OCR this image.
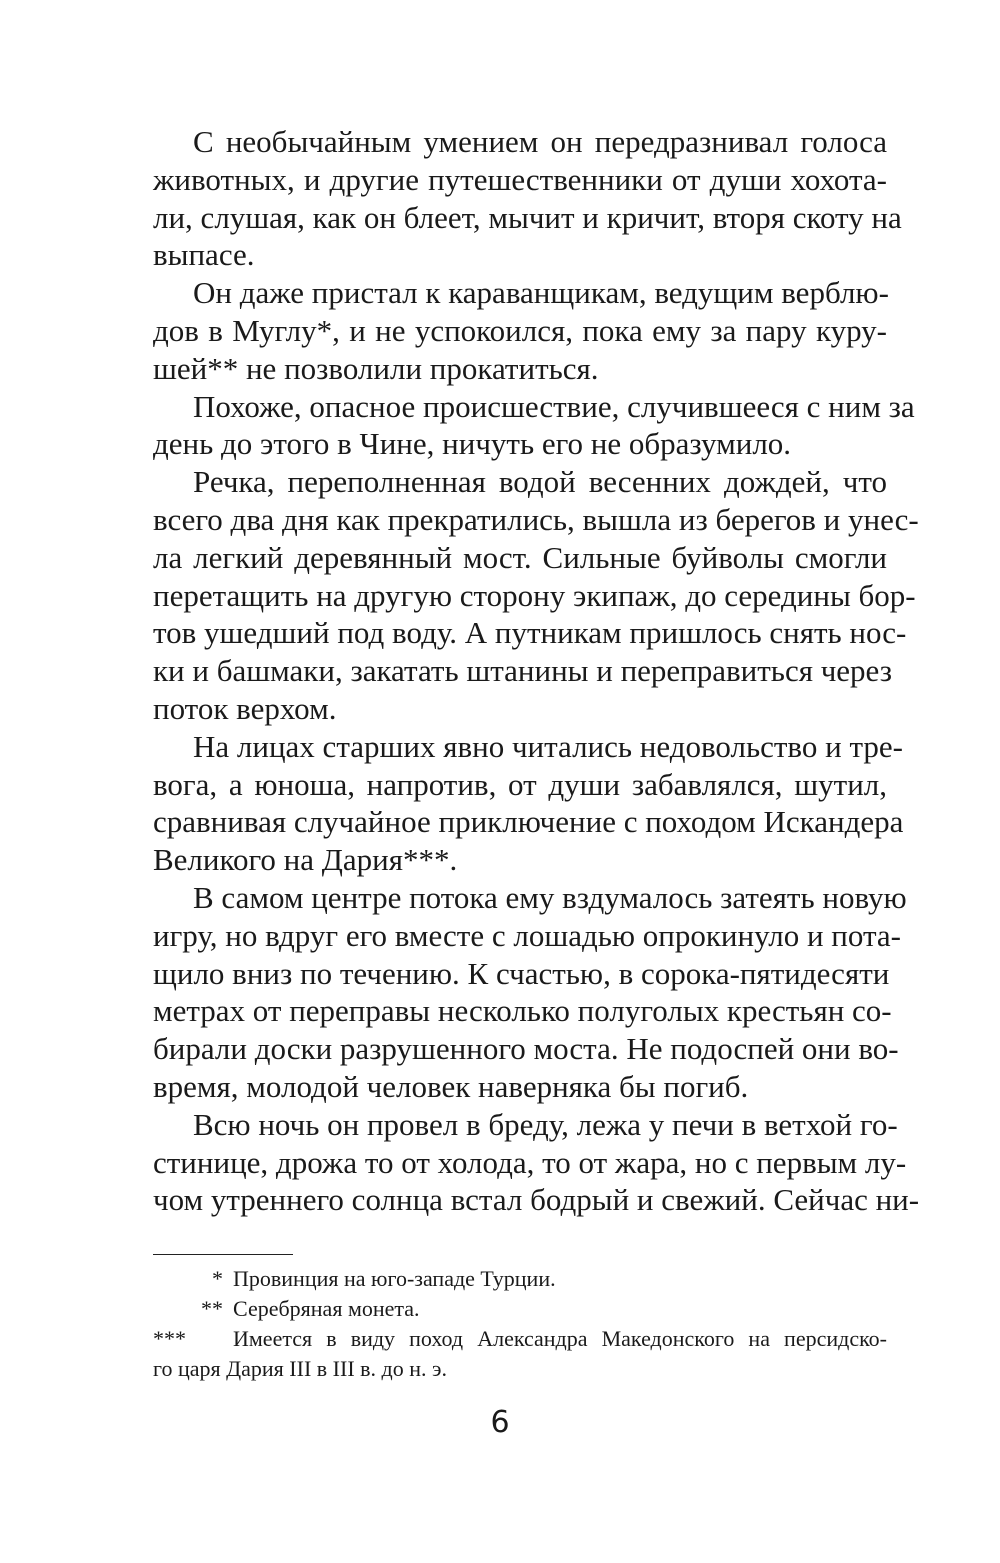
С необычайным умением он передразнивал голоса
животных, и другие путешественники от души хохота-
ли, слушая, как он блеет, мычит и кричит, вторя скоту на
выпасе.
Он даже пристал к караванщикам, ведущим верблю-
дов в Муглу*, и не успокоился, пока ему за пару куру-
шей** не позволили прокатиться.
Похоже, опасное происшествие, случившееся с ним за
день до этого в Чине, ничуть его не образумило.
Речка, переполненная водой весенних дождей, что
всего два дня как прекратились, вышла из берегов и унес-
ла легкий деревянный мост. Сильные буйволы смогли
перетащить на другую сторону экипаж, до середины бор-
тов ушедший под воду. А путникам пришлось снять нос-
ки и башмаки, закатать штанины и переправиться через
поток верхом.
На лицах старших явно читались недовольство и тре-
вога, а юноша, напротив, от души забавлялся, шутил,
сравнивая случайное приключение с походом Искандера
Великого на Дария***.
В самом центре потока ему вздумалось затеять новую
игру, но вдруг его вместе с лошадью опрокинуло и пота-
щило вниз по течению. К счастью, в сорока-пятидесяти
метрах от переправы несколько полуголых крестьян со-
бирали доски разрушенного моста. Не подоспей они во-
время, молодой человек наверняка бы погиб.
Всю ночь он провел в бреду, лежа у печи в ветхой го-
стинице, дрожа то от холода, то от жара, но с первым лу-
чом утреннего солнца встал бодрый и свежий. Сейчас ни-
* Провинция на юго-западе Турции.
** Серебряная монета.
*** Имеется в виду поход Александра Македонского на персидско-
го царя Дария III в III в. до н. э.
6
